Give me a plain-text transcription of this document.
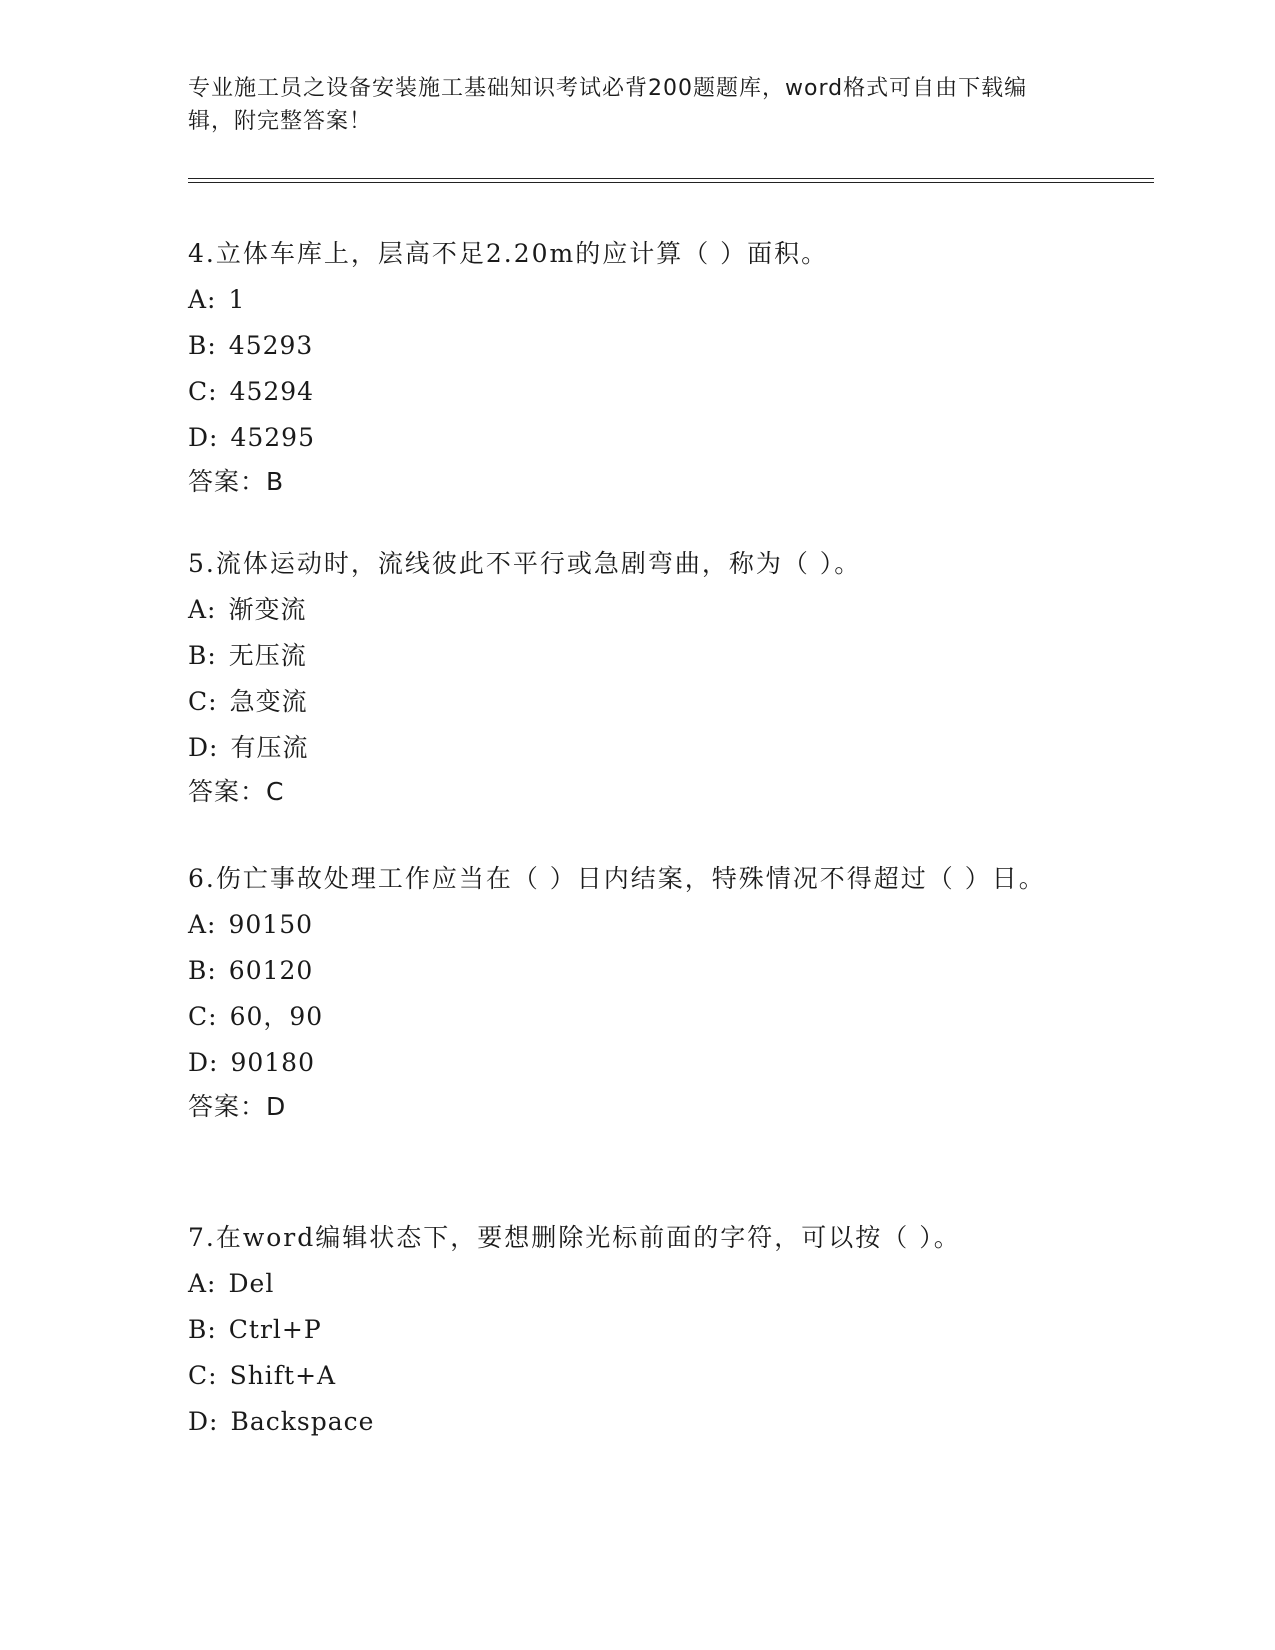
专业施工员之设备安装施工基础知识考试必背200题题库，word格式可自由下载编辑，附完整答案！

4.立体车库上，层高不足2.20m的应计算（ ）面积。

A: 1

B: 45293

C: 45294

D: 45295

答案：B

5.流体运动时，流线彼此不平行或急剧弯曲，称为（ ）。

A: 渐变流

B: 无压流

C: 急变流

D: 有压流

答案：C

6.伤亡事故处理工作应当在（ ）日内结案，特殊情况不得超过（ ）日。

A: 90150

B: 60120

C: 60，90

D: 90180

答案：D

7.在word编辑状态下，要想删除光标前面的字符，可以按（ ）。

A: Del

B: Ctrl+P

C: Shift+A

D: Backspace
